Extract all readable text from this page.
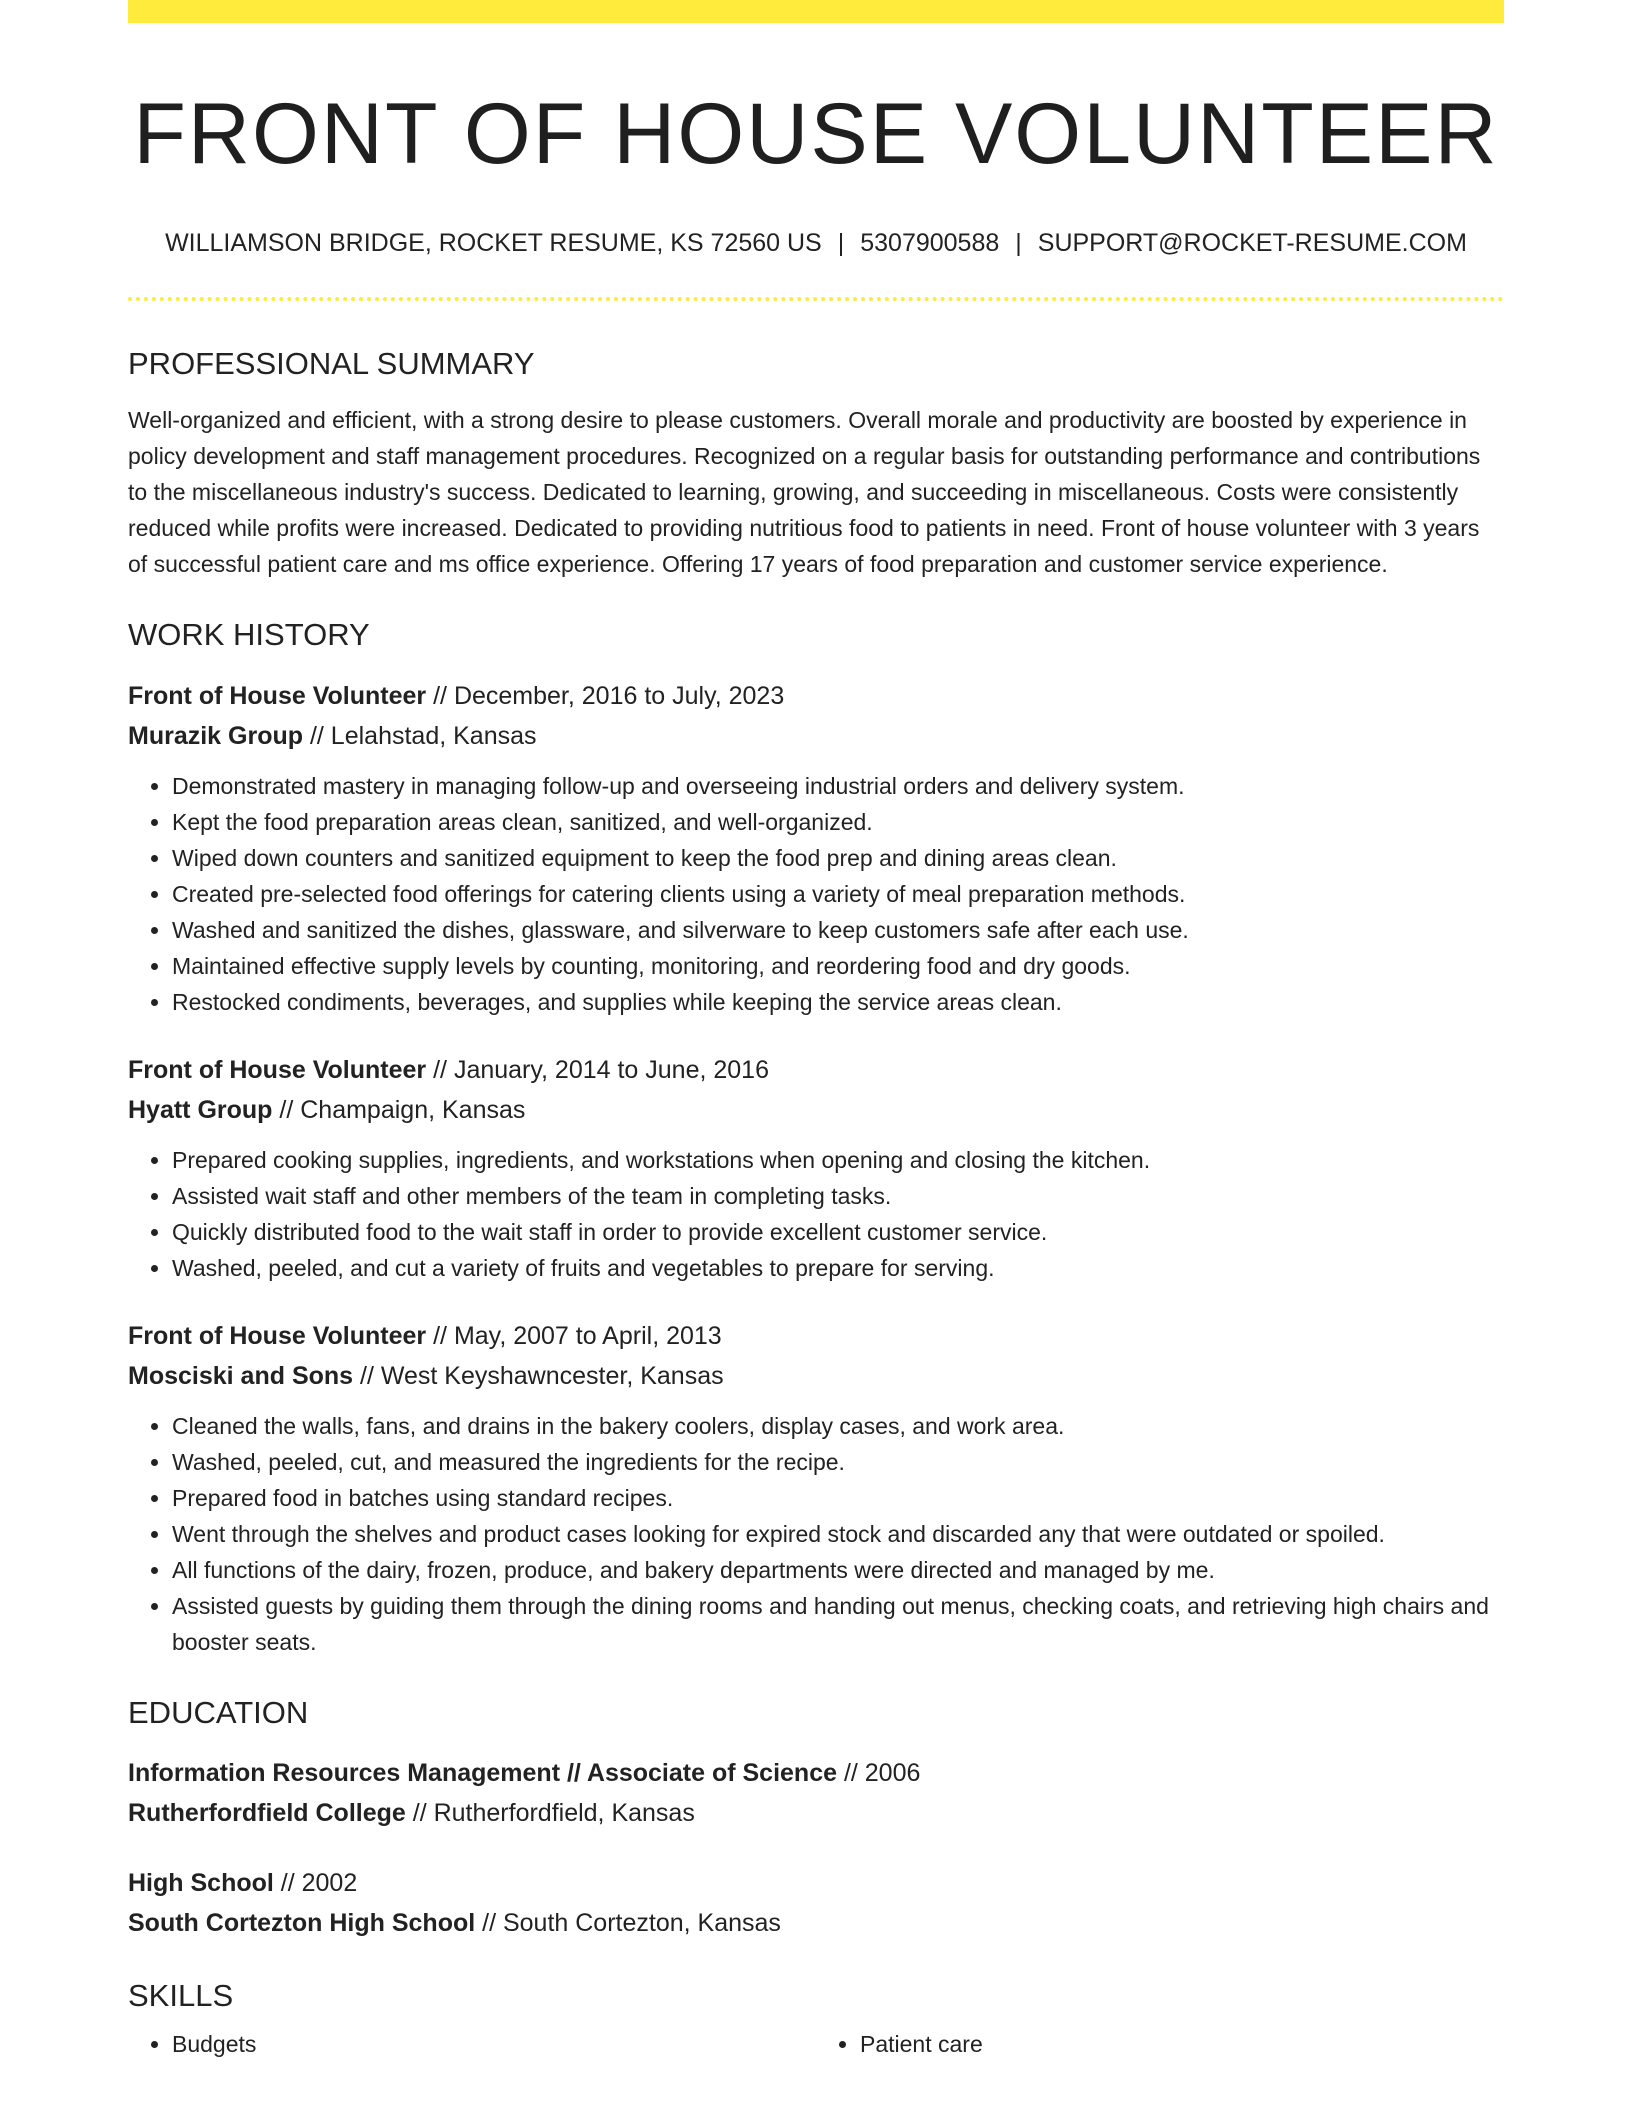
FRONT OF HOUSE VOLUNTEER
WILLIAMSON BRIDGE, ROCKET RESUME, KS 72560 US | 5307900588 | SUPPORT@ROCKET-RESUME.COM
PROFESSIONAL SUMMARY
Well-organized and efficient, with a strong desire to please customers. Overall morale and productivity are boosted by experience in policy development and staff management procedures. Recognized on a regular basis for outstanding performance and contributions to the miscellaneous industry's success. Dedicated to learning, growing, and succeeding in miscellaneous. Costs were consistently reduced while profits were increased. Dedicated to providing nutritious food to patients in need. Front of house volunteer with 3 years of successful patient care and ms office experience. Offering 17 years of food preparation and customer service experience.
WORK HISTORY
Front of House Volunteer // December, 2016 to July, 2023
Murazik Group // Lelahstad, Kansas
• Demonstrated mastery in managing follow-up and overseeing industrial orders and delivery system.
• Kept the food preparation areas clean, sanitized, and well-organized.
• Wiped down counters and sanitized equipment to keep the food prep and dining areas clean.
• Created pre-selected food offerings for catering clients using a variety of meal preparation methods.
• Washed and sanitized the dishes, glassware, and silverware to keep customers safe after each use.
• Maintained effective supply levels by counting, monitoring, and reordering food and dry goods.
• Restocked condiments, beverages, and supplies while keeping the service areas clean.
Front of House Volunteer // January, 2014 to June, 2016
Hyatt Group // Champaign, Kansas
• Prepared cooking supplies, ingredients, and workstations when opening and closing the kitchen.
• Assisted wait staff and other members of the team in completing tasks.
• Quickly distributed food to the wait staff in order to provide excellent customer service.
• Washed, peeled, and cut a variety of fruits and vegetables to prepare for serving.
Front of House Volunteer // May, 2007 to April, 2013
Mosciski and Sons // West Keyshawncester, Kansas
• Cleaned the walls, fans, and drains in the bakery coolers, display cases, and work area.
• Washed, peeled, cut, and measured the ingredients for the recipe.
• Prepared food in batches using standard recipes.
• Went through the shelves and product cases looking for expired stock and discarded any that were outdated or spoiled.
• All functions of the dairy, frozen, produce, and bakery departments were directed and managed by me.
• Assisted guests by guiding them through the dining rooms and handing out menus, checking coats, and retrieving high chairs and booster seats.
EDUCATION
Information Resources Management // Associate of Science // 2006
Rutherfordfield College // Rutherfordfield, Kansas
High School // 2002
South Cortezton High School // South Cortezton, Kansas
SKILLS
• Budgets
•	Patient care
